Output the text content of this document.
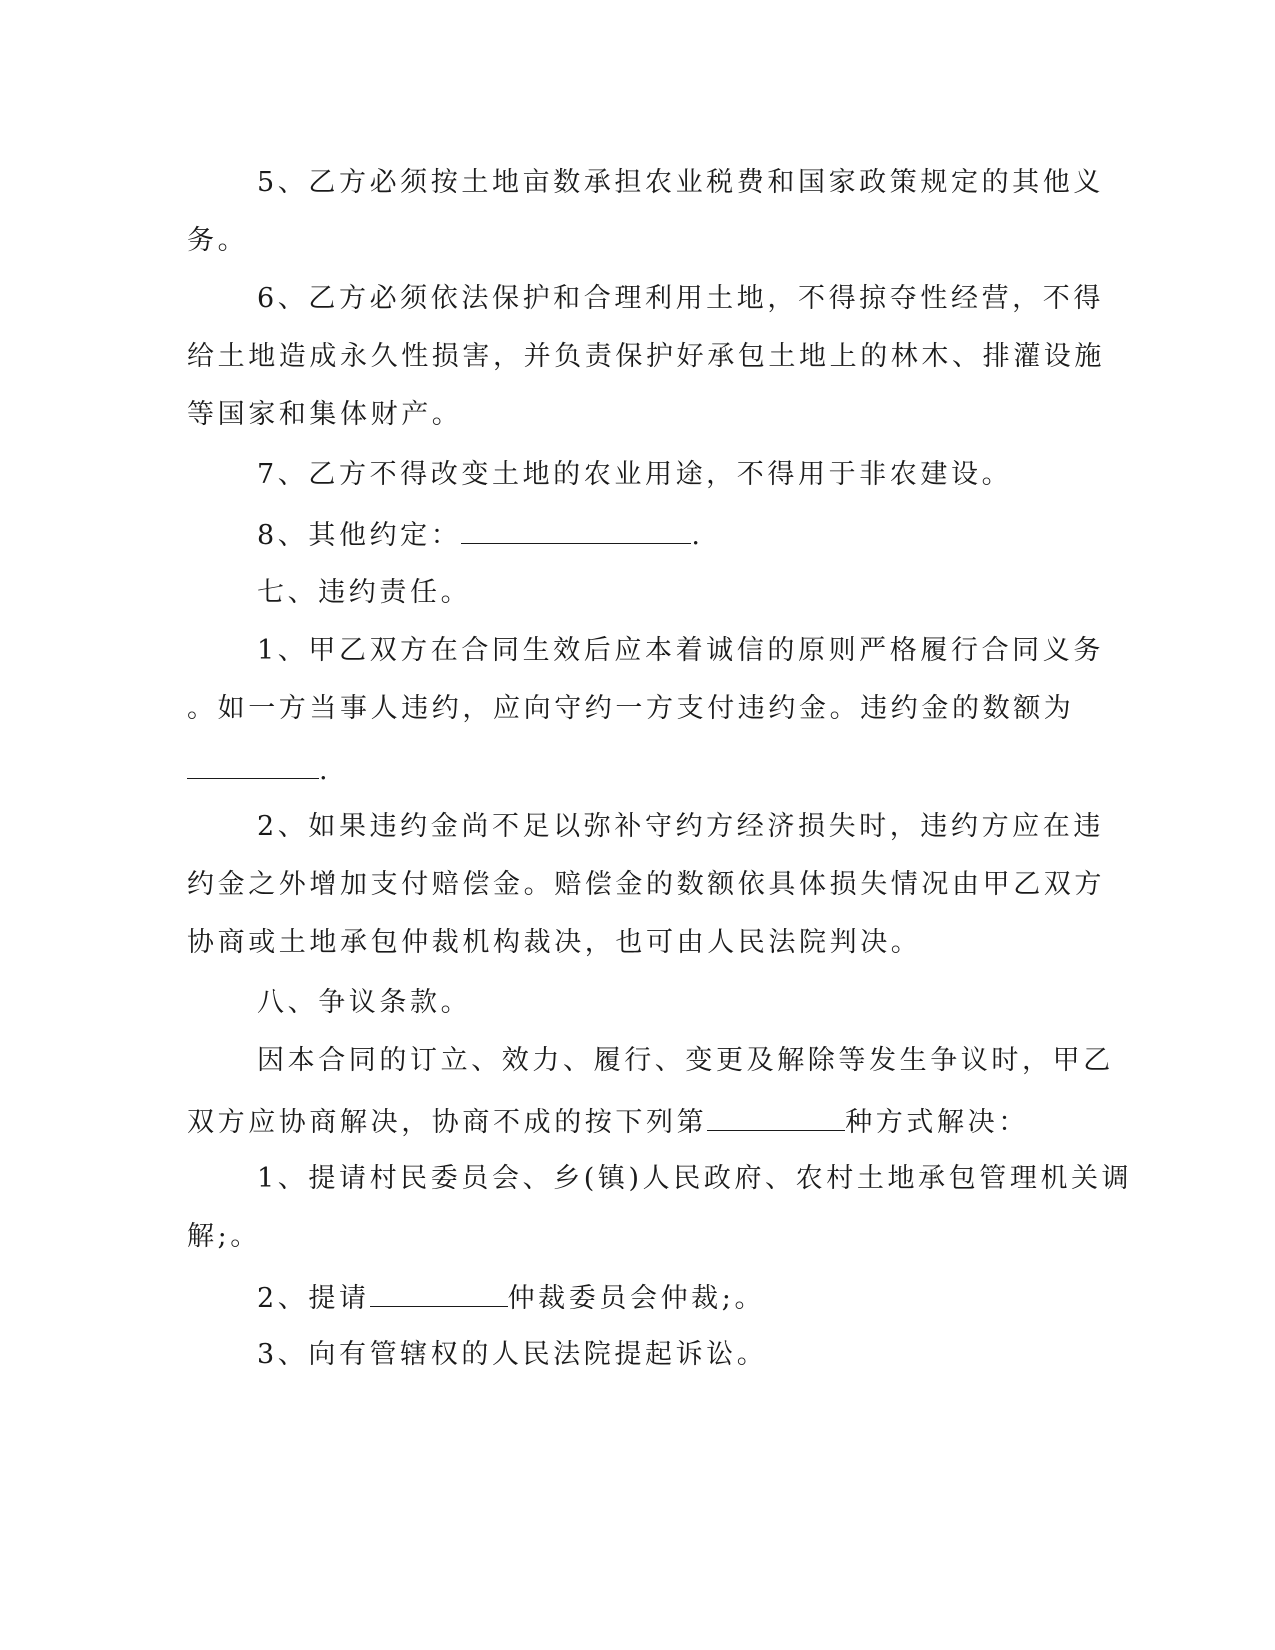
5、乙方必须按土地亩数承担农业税费和国家政策规定的其他义
务。
6、乙方必须依法保护和合理利用土地，不得掠夺性经营，不得
给土地造成永久性损害，并负责保护好承包土地上的林木、排灌设施
等国家和集体财产。
7、乙方不得改变土地的农业用途，不得用于非农建设。
8、其他约定：	.
七、违约责任。
1、甲乙双方在合同生效后应本着诚信的原则严格履行合同义务
。如一方当事人违约，应向守约一方支付违约金。违约金的数额为
.
2、如果违约金尚不足以弥补守约方经济损失时，违约方应在违
约金之外增加支付赔偿金。赔偿金的数额依具体损失情况由甲乙双方
协商或土地承包仲裁机构裁决，也可由人民法院判决。
八、争议条款。
因本合同的订立、效力、履行、变更及解除等发生争议时，甲乙
双方应协商解决，协商不成的按下列第	种方式解决：
1、提请村民委员会、乡(镇)人民政府、农村土地承包管理机关调
解;。
2、提请	仲裁委员会仲裁;。
3、向有管辖权的人民法院提起诉讼。
